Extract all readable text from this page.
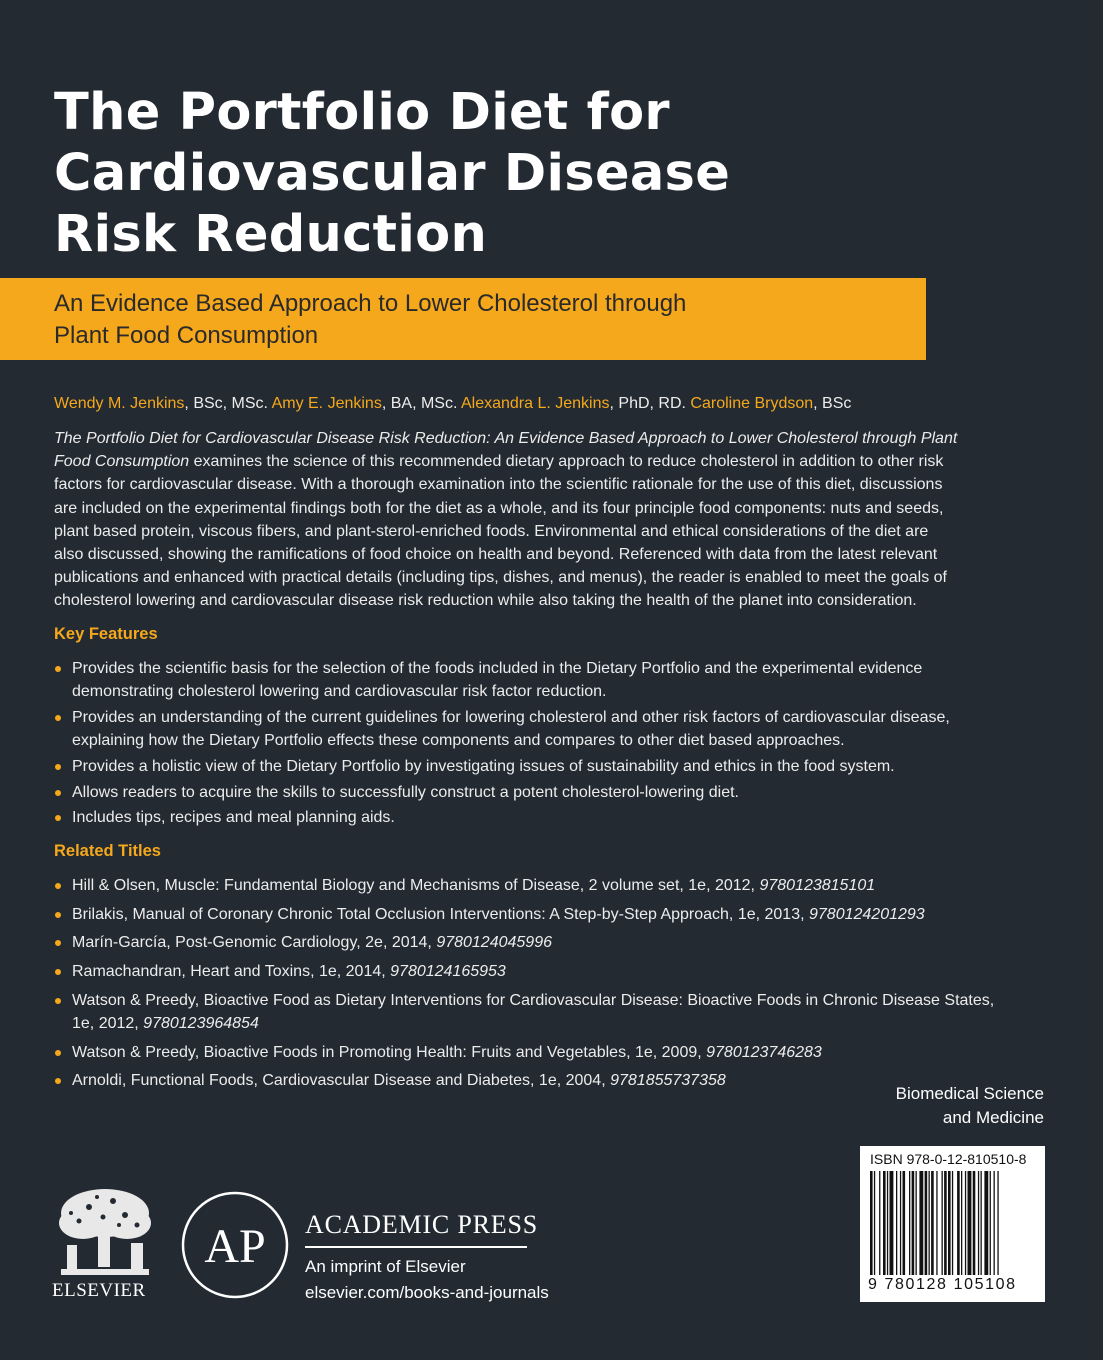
The Portfolio Diet for
Cardiovascular Disease
Risk Reduction
An Evidence Based Approach to Lower Cholesterol through
Plant Food Consumption
Wendy M. Jenkins, BSc, MSc. Amy E. Jenkins, BA, MSc. Alexandra L. Jenkins, PhD, RD. Caroline Brydson, BSc

The Portfolio Diet for Cardiovascular Disease Risk Reduction: An Evidence Based Approach to Lower Cholesterol through Plant
Food Consumption examines the science of this recommended dietary approach to reduce cholesterol in addition to other risk
factors for cardiovascular disease. With a thorough examination into the scientific rationale for the use of this diet, discussions
are included on the experimental findings both for the diet as a whole, and its four principle food components: nuts and seeds,
plant based protein, viscous fibers, and plant-sterol-enriched foods. Environmental and ethical considerations of the diet are
also discussed, showing the ramifications of food choice on health and beyond. Referenced with data from the latest relevant
publications and enhanced with practical details (including tips, dishes, and menus), the reader is enabled to meet the goals of
cholesterol lowering and cardiovascular disease risk reduction while also taking the health of the planet into consideration.

Key Features
Provides the scientific basis for the selection of the foods included in the Dietary Portfolio and the experimental evidence
demonstrating cholesterol lowering and cardiovascular risk factor reduction.
Provides an understanding of the current guidelines for lowering cholesterol and other risk factors of cardiovascular disease,
explaining how the Dietary Portfolio effects these components and compares to other diet based approaches.
Provides a holistic view of the Dietary Portfolio by investigating issues of sustainability and ethics in the food system.
Allows readers to acquire the skills to successfully construct a potent cholesterol-lowering diet.
Includes tips, recipes and meal planning aids.
Related Titles
Hill & Olsen, Muscle: Fundamental Biology and Mechanisms of Disease, 2 volume set, 1e, 2012, 9780123815101
Brilakis, Manual of Coronary Chronic Total Occlusion Interventions: A Step-by-Step Approach, 1e, 2013, 9780124201293
Marín-García, Post-Genomic Cardiology, 2e, 2014, 9780124045996
Ramachandran, Heart and Toxins, 1e, 2014, 9780124165953
Watson & Preedy, Bioactive Food as Dietary Interventions for Cardiovascular Disease: Bioactive Foods in Chronic Disease States,
1e, 2012, 9780123964854
Watson & Preedy, Bioactive Foods in Promoting Health: Fruits and Vegetables, 1e, 2009, 9780123746283
Arnoldi, Functional Foods, Cardiovascular Disease and Diabetes, 1e, 2004, 9781855737358
Biomedical Science
and Medicine
ISBN 978-0-12-810510-8
9 780128 105108
ELSEVIER
AP ACADEMIC PRESS
An imprint of Elsevier
elsevier.com/books-and-journals
